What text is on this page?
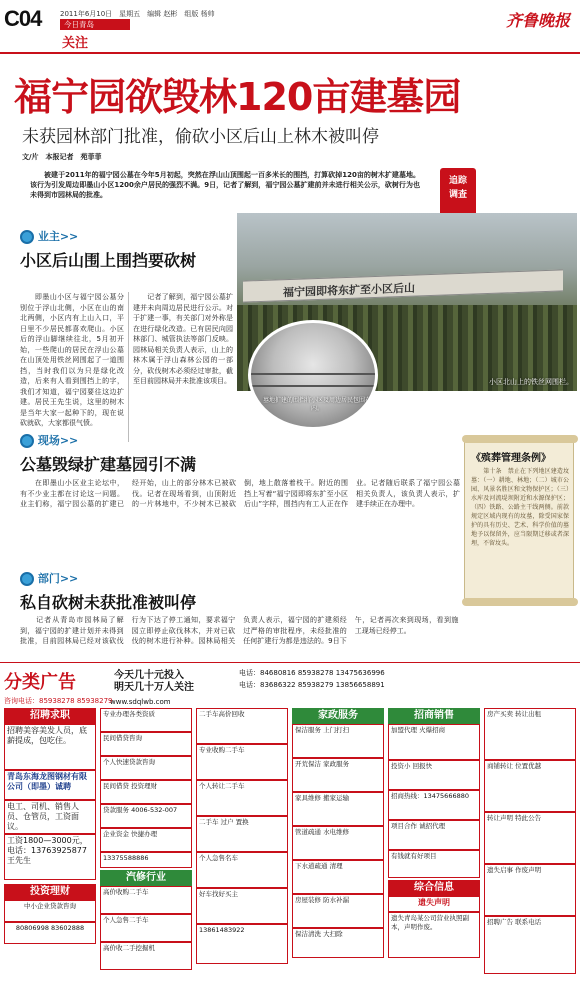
C04	2011年6月10日　星期五　编辑 赵彬　组版 杨帅
今日青岛
关注
齐鲁晚报
福宁园欲毁林120亩建墓园
未获园林部门批准，偷砍小区后山上林木被叫停
文/片　本报记者　苑菲菲
　　被建于2011年的福宁园公墓在今年5月初起，突然在浮山山顶围起一百多米长的围挡，打算砍掉120亩的树木扩建墓地。该行为引发周边即墨山小区1200余户居民的强烈不满。9日，记者了解到，福宁园公墓扩建前并未进行相关公示，砍树行为也未得到市园林局的批准。
追踪调查
福宁园即将东扩至小区后山
小区北山上的铁丝网围栏。
墓地扩建的围挡将小区及周边居民包围在内。
业主>>
小区后山围上围挡要砍树
　　即墨山小区与福宁园公墓分别位于浮山北侧，小区在山的南北两侧，小区内有上山入口，平日里不少居民都喜欢爬山。小区后的浮山脚继续往北，5月初开始，一些爬山的居民在浮山公墓在山顶处用铁丝网围起了一道围挡，当时我们以为只是绿化改造，后来有人看到围挡上的字，我们才知道，福宁园要往这边扩建。居民王先生说，这里的树木是当年大家一起种下的，现在说砍就砍，大家都很气愤。
　　记者了解到，福宁园公墓扩建并未向周边居民进行公示。对于扩建一事，有关部门对外称是在进行绿化改造。已有居民向园林部门、城管执法等部门反映。园林局相关负责人表示，山上的林木属于浮山森林公园的一部分，砍伐树木必须经过审批，截至目前园林局并未批准该项目。
现场>>
公墓毁绿扩建墓园引不满
　　在即墨山小区业主论坛中，有不少业主都在讨论这一问题。业主们称，福宁园公墓的扩建已经开始，山上的部分林木已被砍伐。记者在现场看到，山顶附近的一片林地中，不少树木已被砍倒，地上散落着枝干。附近的围挡上写着“福宁园即将东扩至小区后山”字样，围挡内有工人正在作业。记者随后联系了福宁园公墓相关负责人，该负责人表示，扩建手续正在办理中。
部门>>
私自砍树未获批准被叫停
　　记者从青岛市园林局了解到，福宁园的扩建计划并未得到批准，目前园林局已经对该砍伐行为下达了停工通知，要求福宁园立即停止砍伐林木，并对已砍伐的树木进行补种。园林局相关负责人表示，福宁园的扩建须经过严格的审批程序，未经批准的任何扩建行为都是违法的。9日下午，记者再次来到现场，看到施工现场已经停工。
《殡葬管理条例》
　　第十条　禁止在下列地区建造坟墓：（一）耕地、林地；（二）城市公园、风景名胜区和文物保护区；（三）水库及河流堤坝附近和水源保护区；（四）铁路、公路主干线两侧。前款规定区域内现有的坟墓，除受国家保护的具有历史、艺术、科学价值的墓地予以保留外，应当限期迁移或者深埋，不留坟头。
分类广告	今天几十元投入
明天几十万人关注
电话：84680816 85938278 13475636996
电话：83686322 85938279 13856658891
咨询电话：85938278 85938279
www.sdqlwb.com
招聘求职
招聘美容美发人员，底薪提成，包吃住。
青岛东海龙图钢材有限公司（即墨）诚聘
电工、司机、销售人员、仓管员，工资面议。
工资1800—3000元，电话：13763925877 王先生
投资理财
中小企业贷款咨询
80806998 83602888
专业办理各类资质
民间借贷咨询
个人快速贷款咨询
民间借贷 投资理财
贷款服务 4006-532-007
企业资金 快捷办理
13375588886
汽修行业
高价收购二手车
个人急售二手车
高价收二手挖掘机
二手车高价回收
专业收购二手车
个人转让二手车
二手车 过户 置换
个人急售名车
好车找好买主
13861483922
家政服务
保洁服务 上门打扫
开荒保洁 家政服务
家具维修 搬家运输
管道疏通 水电维修
下水道疏通 清理
房屋装修 防水补漏
保洁清洗 大扫除
招商销售
加盟代理 火爆招商
投资小 回报快
招商热线：13475666880
项目合作 诚招代理
有钱就有好项目
综合信息
遗失声明
遗失青岛某公司营业执照副本，声明作废。
房产买卖 转让出租
商铺转让 位置优越
转让声明 特此公告
遗失启事 作废声明
招聘广告 联系电话
